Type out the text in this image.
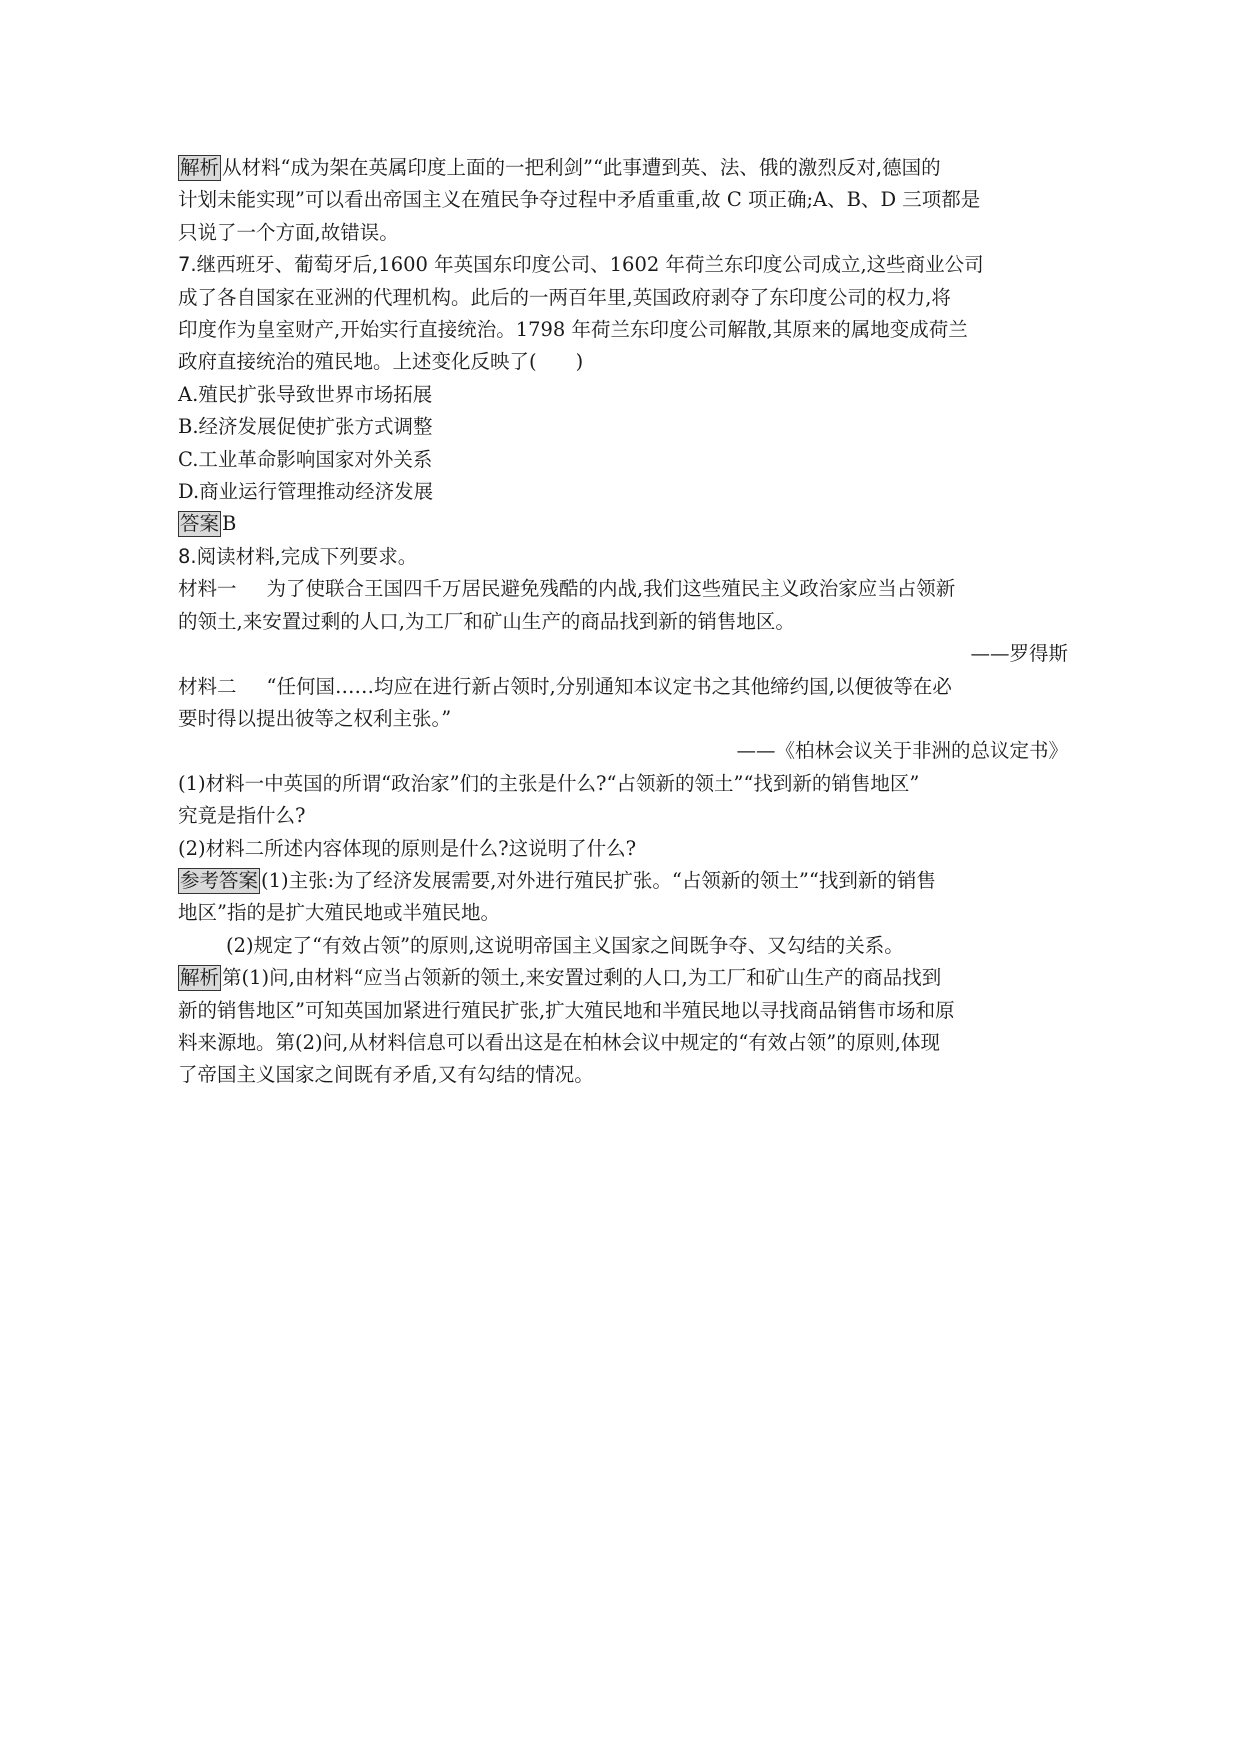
解析 从材料“成为架在英属印度上面的一把利剑”“此事遭到英、法、俄的激烈反对,德国的
计划未能实现”可以看出帝国主义在殖民争夺过程中矛盾重重,故 C 项正确;A、B、D 三项都是
只说了一个方面,故错误。
7.继西班牙、葡萄牙后,1600 年英国东印度公司、1602 年荷兰东印度公司成立,这些商业公司
成了各自国家在亚洲的代理机构。此后的一两百年里,英国政府剥夺了东印度公司的权力,将
印度作为皇室财产,开始实行直接统治。1798 年荷兰东印度公司解散,其原来的属地变成荷兰
政府直接统治的殖民地。上述变化反映了(　　)
A.殖民扩张导致世界市场拓展
B.经济发展促使扩张方式调整
C.工业革命影响国家对外关系
D.商业运行管理推动经济发展
答案 B
8.阅读材料,完成下列要求。
材料一 为了使联合王国四千万居民避免残酷的内战,我们这些殖民主义政治家应当占领新
的领土,来安置过剩的人口,为工厂和矿山生产的商品找到新的销售地区。
——罗得斯
材料二 “任何国……均应在进行新占领时,分别通知本议定书之其他缔约国,以便彼等在必
要时得以提出彼等之权利主张。”
——《柏林会议关于非洲的总议定书》
(1)材料一中英国的所谓“政治家”们的主张是什么?“占领新的领土”“找到新的销售地区”
究竟是指什么?
(2)材料二所述内容体现的原则是什么?这说明了什么?
参考答案 (1)主张:为了经济发展需要,对外进行殖民扩张。“占领新的领土”“找到新的销售
地区”指的是扩大殖民地或半殖民地。
(2)规定了“有效占领”的原则,这说明帝国主义国家之间既争夺、又勾结的关系。
解析 第(1)问,由材料“应当占领新的领土,来安置过剩的人口,为工厂和矿山生产的商品找到
新的销售地区”可知英国加紧进行殖民扩张,扩大殖民地和半殖民地以寻找商品销售市场和原
料来源地。第(2)问,从材料信息可以看出这是在柏林会议中规定的“有效占领”的原则,体现
了帝国主义国家之间既有矛盾,又有勾结的情况。
